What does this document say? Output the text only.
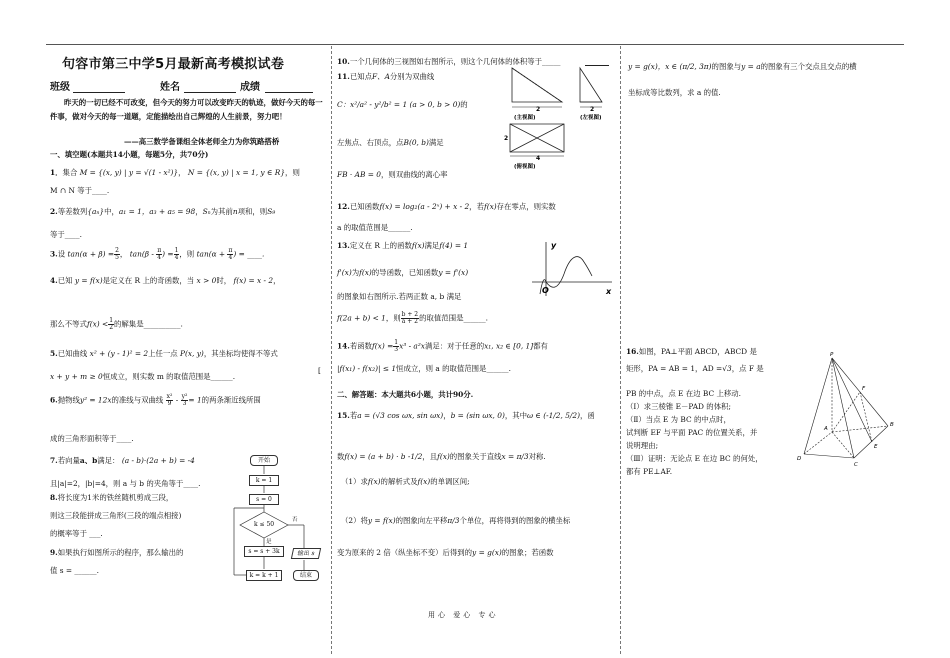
句容市第三中学5月最新高考模拟试卷
班级	姓名	成绩
昨天的一切已经不可改变，但今天的努力可以改变昨天的轨迹，做好今天的每一件事，做对今天的每一道题，定能描绘出自己辉煌的人生前景，努力吧！
——高三数学备课组全体老师全力为你筑路搭桥
一、填空题(本题共14小题，每题5分，共70分)
1．集合 M = {(x, y) | y = √(1 - x²)}， N = {(x, y) | x = 1, y ∈ R}，则
M ∩ N 等于____.
2.等差数列{aₙ}中，a₁ = 1，a₃ + a₅ = 98，Sₙ为其前n项和，则S₉
等于____.
3.设 $\tan(\alpha + \beta) = \frac{2}{5}$ ， $\tan(\beta - \frac{\pi}{4}$ ) = $\frac{1}{4}$ ，则 $\tan(\alpha + \frac{\pi}{4}$ ) = ____.
4.已知 y = f(x)是定义在 R 上的奇函数，当 x > 0时， f(x) = x - 2，
那么不等式$f(x) < \frac{1}{2}$ 的解集是__________.
5.已知曲线 x² + (y - 1)² = 2上任一点 P(x, y)，其坐标均使得不等式
x + y + m ≥ 0恒成立，则实数 m 的取值范围是______.
[
6.抛物线y² = 12x的准线与双曲线 $\frac{\text{x²}}{9} - \frac{\text{y²}}{3} = 1$的两条渐近线所围
成的三角形面积等于____.
7.若向量a、b满足： (a - b)·(2a + b) = -4
且|a|=2，|b|=4，则 a 与 b 的夹角等于____.
8.将长度为1米的铁丝随机剪成三段，
则这三段能拼成三角形(三段的端点相接)
的概率等于 ___.
9.如果执行如图所示的程序，那么输出的
值 s = ______.
开始
k = 1
s = 0
k ≤ 50
是
否
s = s + 3k
k = k + 1
输出 s
结束
10.一个几何体的三视图如右图所示，则这个几何体的体积等于_____
11.已知点F、A分别为双曲线
C：x²/a² - y²/b² = 1 (a > 0, b > 0)的
左焦点、右顶点，点B(0, b)满足
FB · AB = 0，则双曲线的离心率
2	2
4
2
(主视图)	(左视图)
(俯视图)
12.已知函数f(x) = log₂(a - 2ˣ) + x - 2，若f(x)存在零点，则实数
a 的取值范围是______.
13.定义在 R 上的函数f(x)满足f(4) = 1
f'(x)为f(x)的导函数，已知函数y = f'(x)
的图象如右图所示.若两正数 a, b 满足
f(2a + b) < 1，则 $\frac{b + 2}{a + 2}$ 的取值范围是______.
y
x
O
14.若函数$f(x) = \frac{1}{3} x^3 - a^2x$满足：对于任意的x₁, x₂ ∈ [0, 1]都有
|f(x₁) - f(x₂)| ≤ 1恒成立，则 a 的取值范围是______.
二、解答题：本大题共6小题，共计90分.
15.若a = (√3 cos ωx, sin ωx)，b = (sin ωx, 0)，其中ω ∈ (-1/2, 5/2)，函
数f(x) = (a + b) · b -1/2，且f(x)的图象关于直线x = π/3对称.
（1）求f(x)的解析式及f(x)的单调区间;
（2）将y = f(x)的图象向左平移π/3个单位，再将得到的图象的横坐标
变为原来的 2 倍（纵坐标不变）后得到的y = g(x)的图象；若函数
y = g(x)，x ∈ (π/2, 3π)的图象与y = a的图象有三个交点且交点的横
坐标成等比数列，求 a 的值.
16.如图，PA⊥平面 ABCD，ABCD 是
矩形，PA = AB = 1，AD =√3，点 F 是
PB 的中点，点 E 在边 BC 上移动.
（Ⅰ）求三棱锥 E－PAD 的体积;
（Ⅱ）当点 E 为 BC 的中点时，
试判断 EF 与平面 PAC 的位置关系，并
说明理由;
（Ⅲ）证明：无论点 E 在边 BC 的何处，
都有 PE⊥AF.
P
A
B
C
D
E
F
用心 爱心 专心
